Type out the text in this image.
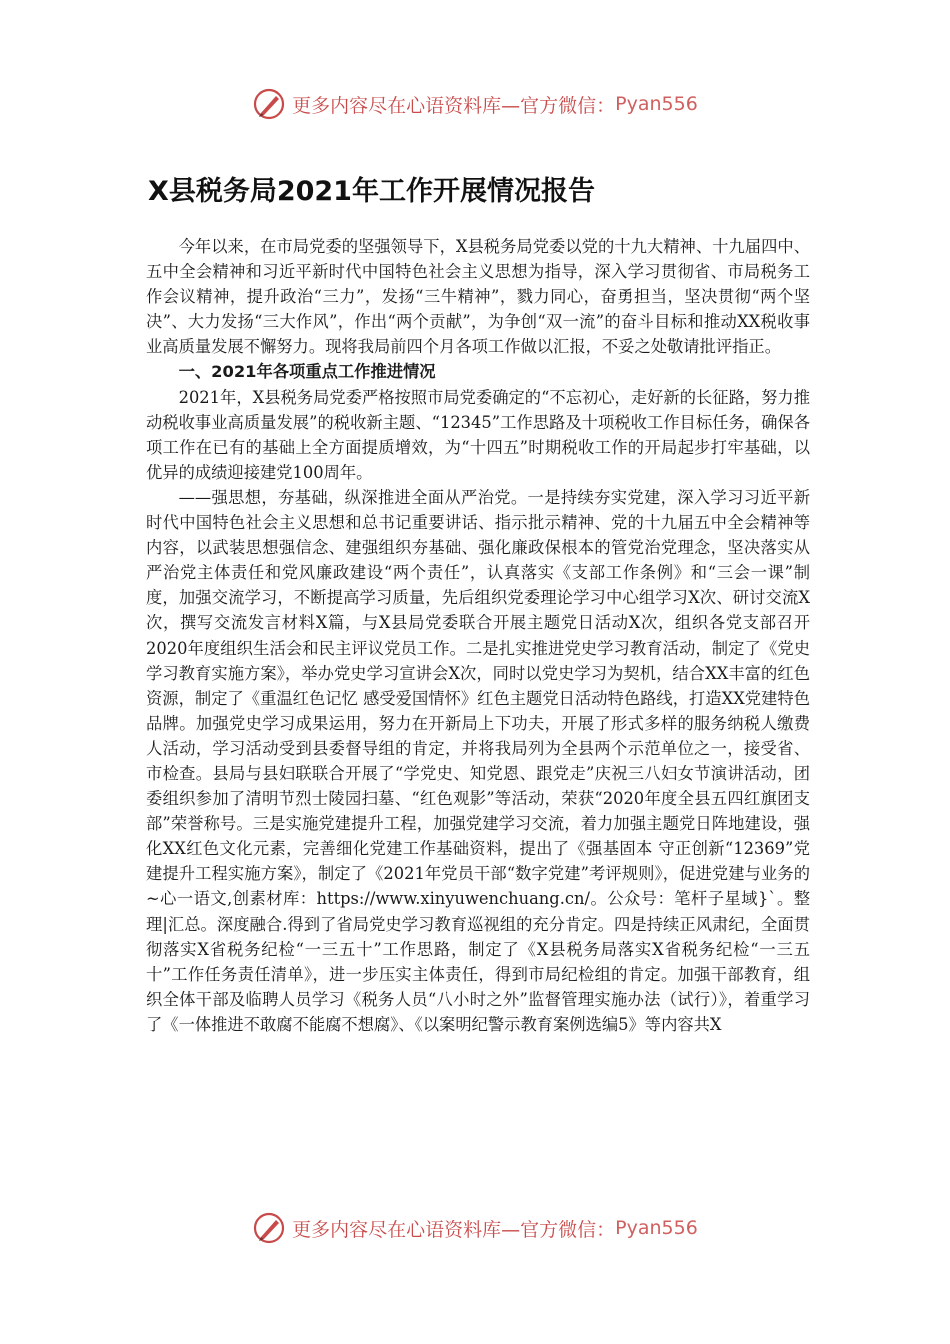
更多内容尽在心语资料库—官方微信： Pyan556
X县税务局2021年工作开展情况报告

今年以来，在市局党委的坚强领导下，X县税务局党委以党的十九大精神、十九届四中、五中全会精神和习近平新时代中国特色社会主义思想为指导，深入学习贯彻省、市局税务工作会议精神，提升政治“三力”，发扬“三牛精神”，戮力同心，奋勇担当，坚决贯彻“两个坚决”、大力发扬“三大作风”，作出“两个贡献”，为争创“双一流”的奋斗目标和推动XX税收事业高质量发展不懈努力。现将我局前四个月各项工作做以汇报，不妥之处敬请批评指正。

一、2021年各项重点工作推进情况

2021年，X县税务局党委严格按照市局党委确定的“不忘初心，走好新的长征路，努力推动税收事业高质量发展”的税收新主题、“12345”工作思路及十项税收工作目标任务，确保各项工作在已有的基础上全方面提质增效，为“十四五”时期税收工作的开局起步打牢基础，以优异的成绩迎接建党100周年。

——强思想，夯基础，纵深推进全面从严治党。一是持续夯实党建，深入学习习近平新时代中国特色社会主义思想和总书记重要讲话、指示批示精神、党的十九届五中全会精神等内容，以武装思想强信念、建强组织夯基础、强化廉政保根本的管党治党理念，坚决落实从严治党主体责任和党风廉政建设“两个责任”，认真落实《支部工作条例》和“三会一课”制度，加强交流学习，不断提高学习质量，先后组织党委理论学习中心组学习X次、研讨交流X次，撰写交流发言材料X篇，与X县局党委联合开展主题党日活动X次，组织各党支部召开2020年度组织生活会和民主评议党员工作。二是扎实推进党史学习教育活动，制定了《党史学习教育实施方案》，举办党史学习宣讲会X次，同时以党史学习为契机，结合XX丰富的红色资源，制定了《重温红色记忆 感受爱国情怀》红色主题党日活动特色路线，打造XX党建特色品牌。加强党史学习成果运用，努力在开新局上下功夫，开展了形式多样的服务纳税人缴费人活动，学习活动受到县委督导组的肯定，并将我局列为全县两个示范单位之一，接受省、市检查。县局与县妇联联合开展了“学党史、知党恩、跟党走”庆祝三八妇女节演讲活动，团委组织参加了清明节烈士陵园扫墓、“红色观影”等活动，荣获“2020年度全县五四红旗团支部”荣誉称号。三是实施党建提升工程，加强党建学习交流，着力加强主题党日阵地建设，强化XX红色文化元素，完善细化党建工作基础资料，提出了《强基固本 守正创新“12369”党建提升工程实施方案》，制定了《2021年党员干部“数字党建”考评规则》，促进党建与业务的~心一语文,创素材库：https://www.xinyuwenchuang.cn/。公众号：笔杆子星域}`。整理|汇总。深度融合.得到了省局党史学习教育巡视组的充分肯定。四是持续正风肃纪，全面贯彻落实X省税务纪检“一三五十”工作思路，制定了《X县税务局落实X省税务纪检“一三五十”工作任务责任清单》，进一步压实主体责任，得到市局纪检组的肯定。加强干部教育，组织全体干部及临聘人员学习《税务人员“八小时之外”监督管理实施办法（试行）》，着重学习了《一体推进不敢腐不能腐不想腐》、《以案明纪警示教育案例选编5》等内容共X

更多内容尽在心语资料库—官方微信： Pyan556
